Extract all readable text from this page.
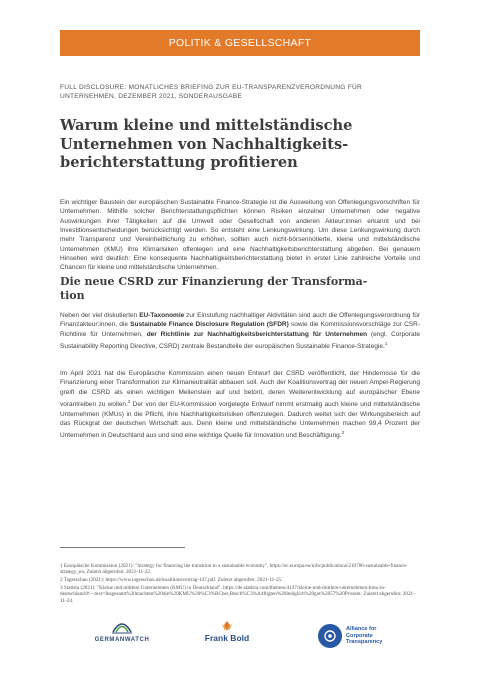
POLITIK & GESELLSCHAFT
FULL DISCLOSURE: MONATLICHES BRIEFING ZUR EU-TRANSPARENZVERORDNUNG FÜR
UNTERNEHMEN, DEZEMBER 2021, SONDERAUSGABE
Warum kleine und mittelständische
Unternehmen von Nachhaltigkeits-
berichterstattung profitieren

Ein wichtiger Baustein der europäischen Sustainable Finance-Strategie ist die Ausweitung von Offenlegungsvorschriften für Unternehmen. Mithilfe solcher Berichterstattungspflichten können Risiken einzelner Unternehmen oder negative Auswirkungen ihrer Tätigkeiten auf die Umwelt oder Gesellschaft von anderen Akteur:innen erkannt und bei Investitionsentscheidungen berücksichtigt werden. So entsteht eine Lenkungswirkung. Um diese Lenkungswirkung durch mehr Transparenz und Vereinheitlichung zu erhöhen, sollten auch nicht-börsennotierte, kleine und mittelständische Unternehmen (KMU) ihre Klimarisiken offenlegen und eine Nachhaltigkeitsberichterstattung abgeben. Bei genauem Hinsehen wird deutlich: Eine konsequente Nachhaltigkeitsberichterstattung bietet in erster Linie zahlreiche Vorteile und Chancen für kleine und mittelständische Unternehmen.

Die neue CSRD zur Finanzierung der Transforma-
tion

Neben der viel diskutierten EU-Taxonomie zur Einstufung nachhaltiger Aktivitäten sind auch die Offenlegungsverordnung für Finanzakteur:innen, die Sustainable Finance Disclosure Regulation (SFDR) sowie die Kommissionsvorschläge zur CSR-Richtlinie für Unternehmen, der Richtlinie zur Nachhaltigkeitsberichterstattung für Unternehmen (engl. Corporate Sustainability Reporting Directive, CSRD) zentrale Bestandteile der europäischen Sustainable Finance-Strategie.$^1$

Im April 2021 hat die Europäische Kommission einen neuen Entwurf der CSRD veröffentlicht, der Hindernisse für die Finanzierung einer Transformation zur Klimaneutralität abbauen soll. Auch der Koalitionsvertrag der neuen Ampel-Regierung greift die CSRD als einen wichtigen Meilenstein auf und betont, deren Weiterentwicklung auf europäischer Ebene vorantreiben zu wollen.$^2$ Der von der EU-Kommission vorgelegte Entwurf nimmt erstmalig auch kleine und mittelständische Unternehmen (KMUs) in die Pflicht, ihre Nachhaltigkeitsrisiken offenzulegen. Dadurch weitet sich der Wirkungsbereich auf das Rückgrat der deutschen Wirtschaft aus. Denn kleine und mittelständische Unternehmen machen 99,4 Prozent der Unternehmen in Deutschland aus und sind eine wichtige Quelle für Innovation und Beschäftigung.$^3$

1 Europäische Kommission (2021): "Strategy for financing the transition to a sustainable economy". https://ec.europa.eu/info/publications/210706-sustainable-finance-strategy_en, Zuletzt abgerufen: 2021-11-22.
2 Tagesschau (2021): https://www.tagesschau.de/koalitionsvertrag-147.pdf. Zuletzt abgerufen: 2021-11-25.
3 Statista (2021): "Kleine und mittlere Unternehmen (KMU) in Deutschland". https://de.statista.com/themen/4137/kleine-und-mittlere-unternehmen-kmu-in-deutschland/#:~:text=Insgesamt%20machten%20die%20KMU%20%C3%BCber,Besch%C3%A4ftigten%20lediglich%20gut%2057%20Prozent. Zuletzt abgerufen: 2021-11-24.
GERMANWATCH	Frank Bold
Alliance for
Corporate
Transparency
